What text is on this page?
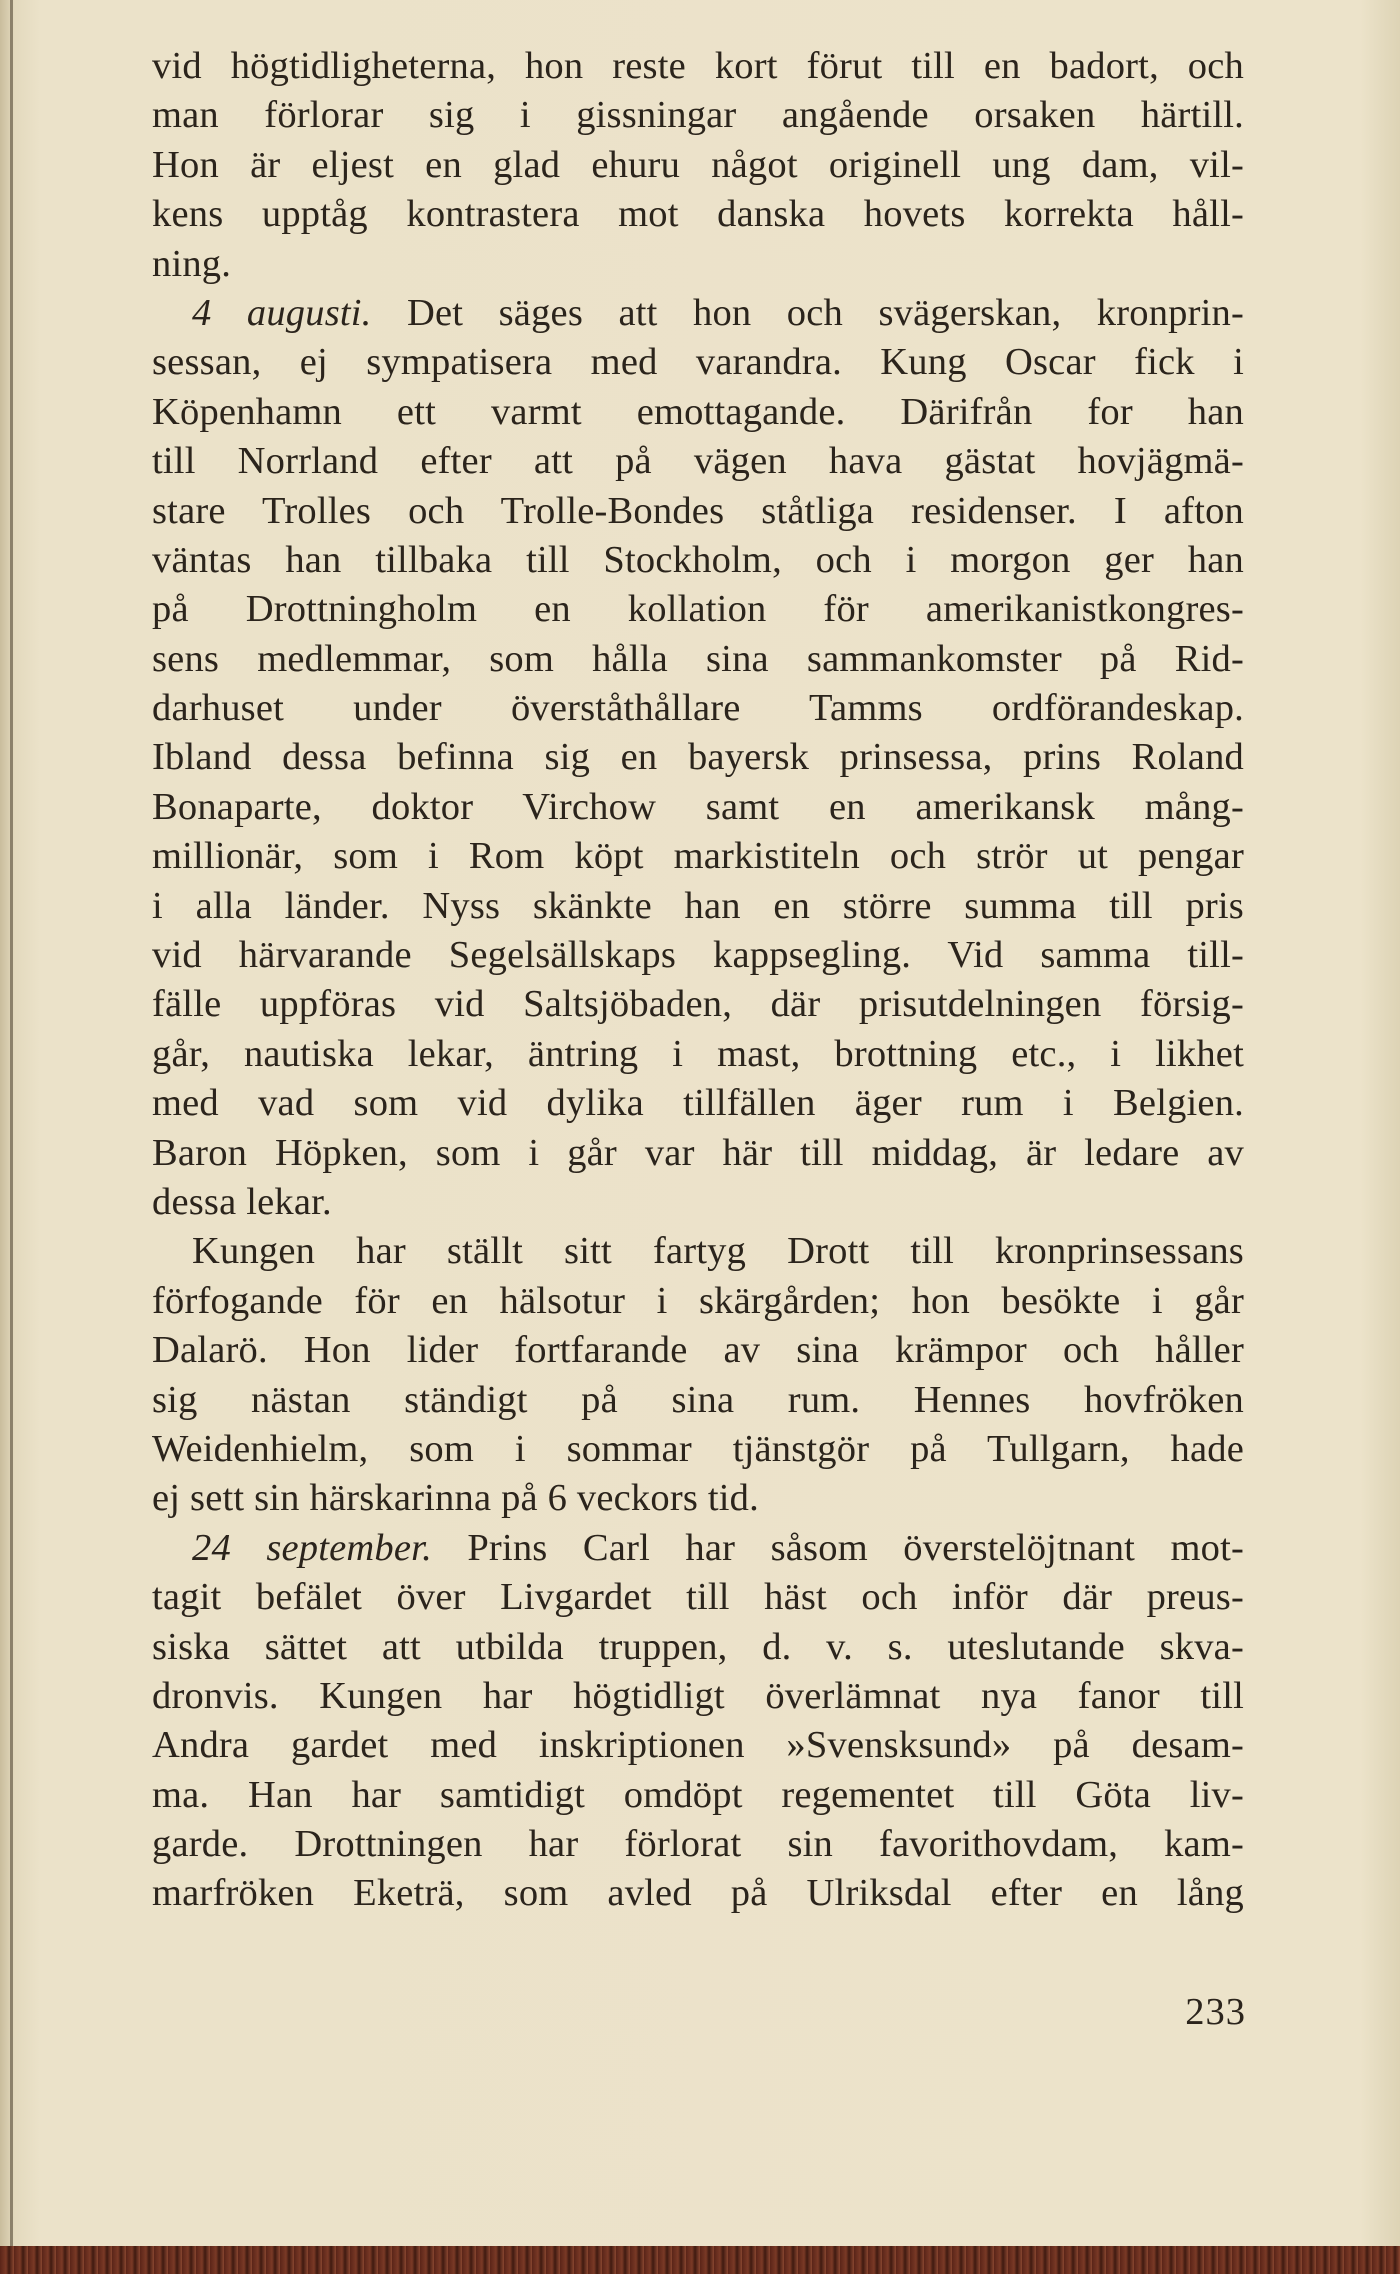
vid högtidligheterna, hon reste kort förut till en badort, och
man förlorar sig i gissningar angående orsaken härtill.
Hon är eljest en glad ehuru något originell ung dam, vil-
kens upptåg kontrastera mot danska hovets korrekta håll-
ning.
4 augusti. Det säges att hon och svägerskan, kronprin-
sessan, ej sympatisera med varandra. Kung Oscar fick i
Köpenhamn ett varmt emottagande. Därifrån for han
till Norrland efter att på vägen hava gästat hovjägmä-
stare Trolles och Trolle-Bondes ståtliga residenser. I afton
väntas han tillbaka till Stockholm, och i morgon ger han
på Drottningholm en kollation för amerikanistkongres-
sens medlemmar, som hålla sina sammankomster på Rid-
darhuset under överståthållare Tamms ordförandeskap.
Ibland dessa befinna sig en bayersk prinsessa, prins Roland
Bonaparte, doktor Virchow samt en amerikansk mång-
millionär, som i Rom köpt markistiteln och strör ut pengar
i alla länder. Nyss skänkte han en större summa till pris
vid härvarande Segelsällskaps kappsegling. Vid samma till-
fälle uppföras vid Saltsjöbaden, där prisutdelningen försig-
går, nautiska lekar, äntring i mast, brottning etc., i likhet
med vad som vid dylika tillfällen äger rum i Belgien.
Baron Höpken, som i går var här till middag, är ledare av
dessa lekar.
Kungen har ställt sitt fartyg Drott till kronprinsessans
förfogande för en hälsotur i skärgården; hon besökte i går
Dalarö. Hon lider fortfarande av sina krämpor och håller
sig nästan ständigt på sina rum. Hennes hovfröken
Weidenhielm, som i sommar tjänstgör på Tullgarn, hade
ej sett sin härskarinna på 6 veckors tid.
24 september. Prins Carl har såsom överstelöjtnant mot-
tagit befälet över Livgardet till häst och inför där preus-
siska sättet att utbilda truppen, d. v. s. uteslutande skva-
dronvis. Kungen har högtidligt överlämnat nya fanor till
Andra gardet med inskriptionen »Svensksund» på desam-
ma. Han har samtidigt omdöpt regementet till Göta liv-
garde. Drottningen har förlorat sin favorithovdam, kam-
marfröken Eketrä, som avled på Ulriksdal efter en lång
233
